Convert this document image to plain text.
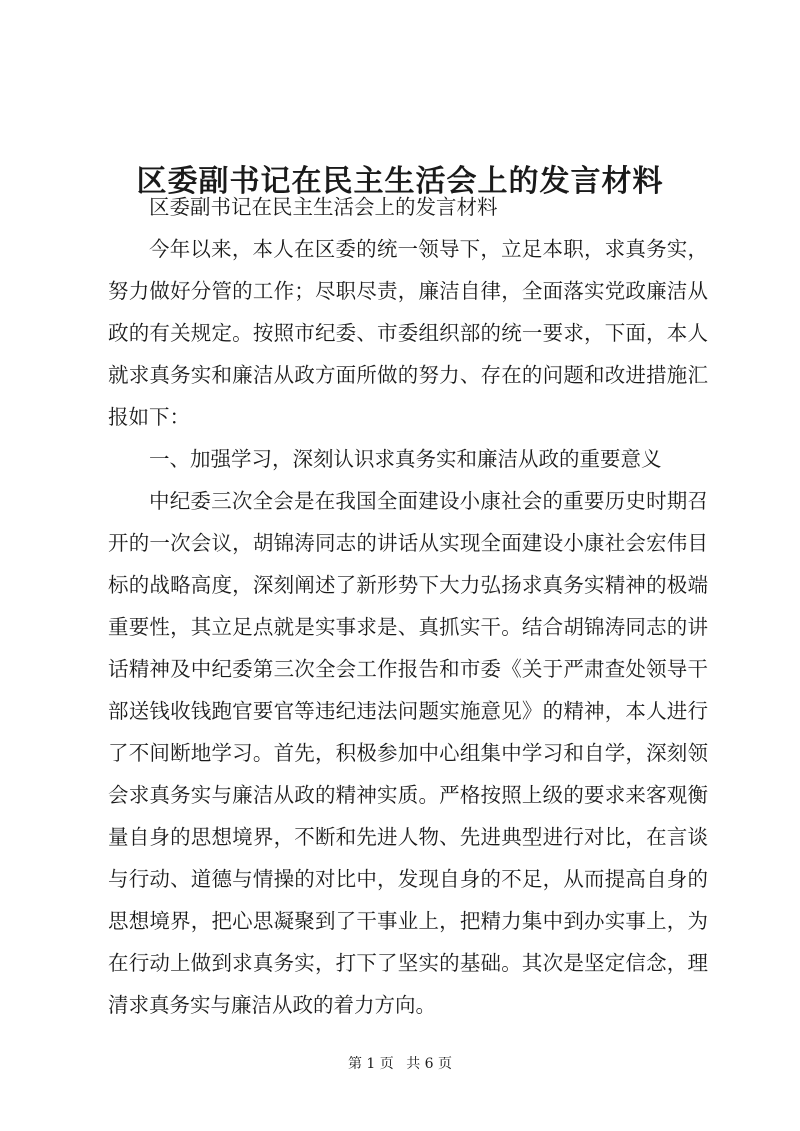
区委副书记在民主生活会上的发言材料

区委副书记在民主生活会上的发言材料

今年以来，本人在区委的统一领导下，立足本职，求真务实，努力做好分管的工作；尽职尽责，廉洁自律，全面落实党政廉洁从政的有关规定。按照市纪委、市委组织部的统一要求，下面，本人就求真务实和廉洁从政方面所做的努力、存在的问题和改进措施汇报如下：

一、加强学习，深刻认识求真务实和廉洁从政的重要意义

中纪委三次全会是在我国全面建设小康社会的重要历史时期召开的一次会议，胡锦涛同志的讲话从实现全面建设小康社会宏伟目标的战略高度，深刻阐述了新形势下大力弘扬求真务实精神的极端重要性，其立足点就是实事求是、真抓实干。结合胡锦涛同志的讲话精神及中纪委第三次全会工作报告和市委《关于严肃查处领导干部送钱收钱跑官要官等违纪违法问题实施意见》的精神，本人进行了不间断地学习。首先，积极参加中心组集中学习和自学，深刻领会求真务实与廉洁从政的精神实质。严格按照上级的要求来客观衡量自身的思想境界，不断和先进人物、先进典型进行对比，在言谈与行动、道德与情操的对比中，发现自身的不足，从而提高自身的思想境界，把心思凝聚到了干事业上，把精力集中到办实事上，为在行动上做到求真务实，打下了坚实的基础。其次是坚定信念，理清求真务实与廉洁从政的着力方向。

第 1 页 共 6 页
